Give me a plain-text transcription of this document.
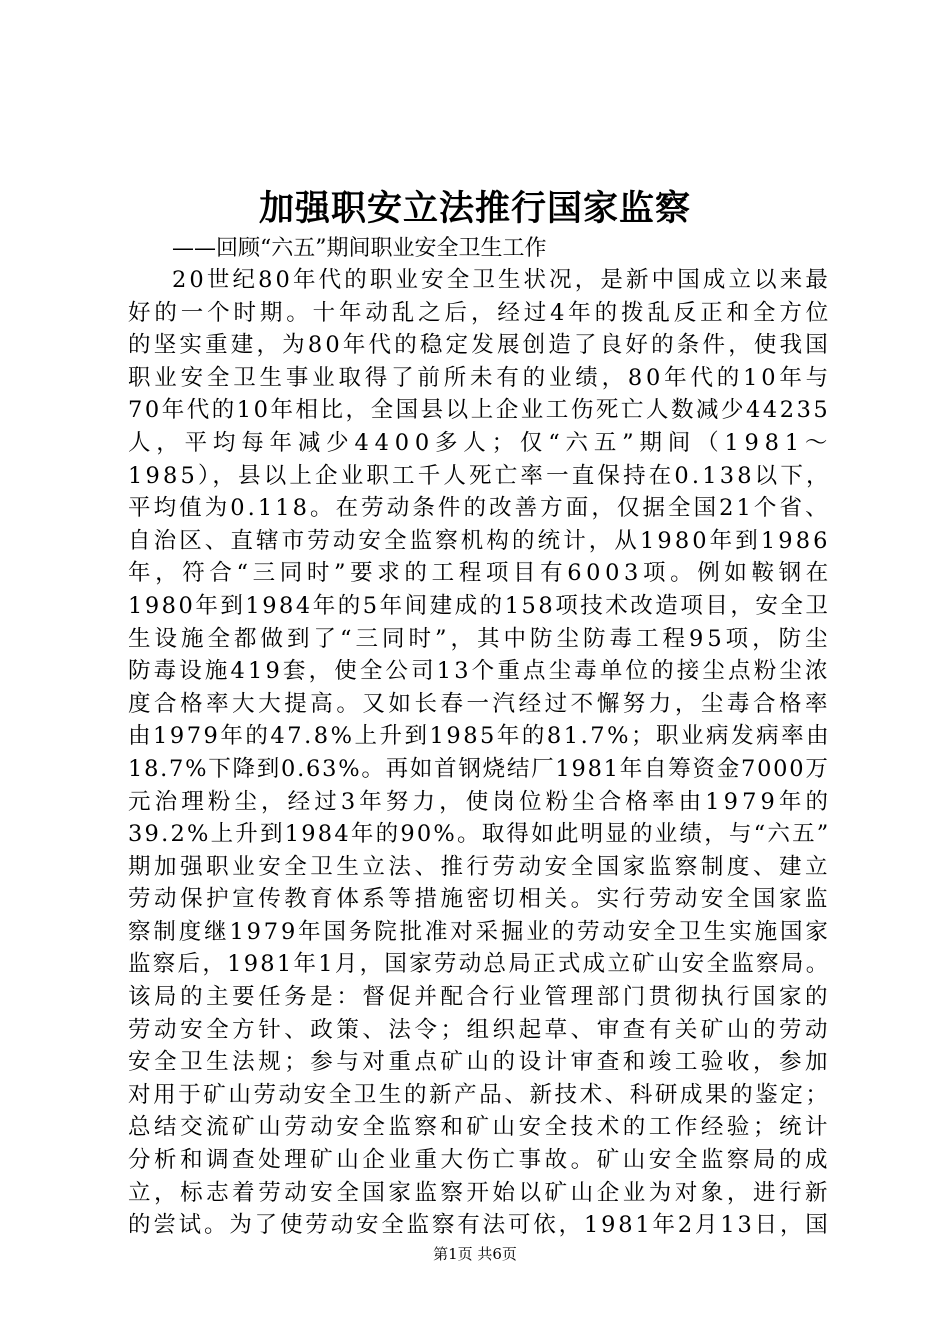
加强职安立法推行国家监察
——回顾“六五”期间职业安全卫生工作
20世纪80年代的职业安全卫生状况，是新中国成立以来最
好的一个时期。十年动乱之后，经过4年的拨乱反正和全方位
的坚实重建，为80年代的稳定发展创造了良好的条件，使我国
职业安全卫生事业取得了前所未有的业绩，80年代的10年与
70年代的10年相比，全国县以上企业工伤死亡人数减少44235
人，平均每年减少4400多人；仅“六五”期间（1981～
1985），县以上企业职工千人死亡率一直保持在0.138以下，
平均值为0.118。在劳动条件的改善方面，仅据全国21个省、
自治区、直辖市劳动安全监察机构的统计，从1980年到1986
年，符合“三同时”要求的工程项目有6003项。例如鞍钢在
1980年到1984年的5年间建成的158项技术改造项目，安全卫
生设施全都做到了“三同时”，其中防尘防毒工程95项，防尘
防毒设施419套，使全公司13个重点尘毒单位的接尘点粉尘浓
度合格率大大提高。又如长春一汽经过不懈努力，尘毒合格率
由1979年的47.8%上升到1985年的81.7%；职业病发病率由
18.7%下降到0.63%。再如首钢烧结厂1981年自筹资金7000万
元治理粉尘，经过3年努力，使岗位粉尘合格率由1979年的
39.2%上升到1984年的90%。取得如此明显的业绩，与“六五”
期加强职业安全卫生立法、推行劳动安全国家监察制度、建立
劳动保护宣传教育体系等措施密切相关。实行劳动安全国家监
察制度继1979年国务院批准对采掘业的劳动安全卫生实施国家
监察后，1981年1月，国家劳动总局正式成立矿山安全监察局。
该局的主要任务是：督促并配合行业管理部门贯彻执行国家的
劳动安全方针、政策、法令；组织起草、审查有关矿山的劳动
安全卫生法规；参与对重点矿山的设计审查和竣工验收，参加
对用于矿山劳动安全卫生的新产品、新技术、科研成果的鉴定；
总结交流矿山劳动安全监察和矿山安全技术的工作经验；统计
分析和调查处理矿山企业重大伤亡事故。矿山安全监察局的成
立，标志着劳动安全国家监察开始以矿山企业为对象，进行新
的尝试。为了使劳动安全监察有法可依，1981年2月13日，国
第1页 共6页
